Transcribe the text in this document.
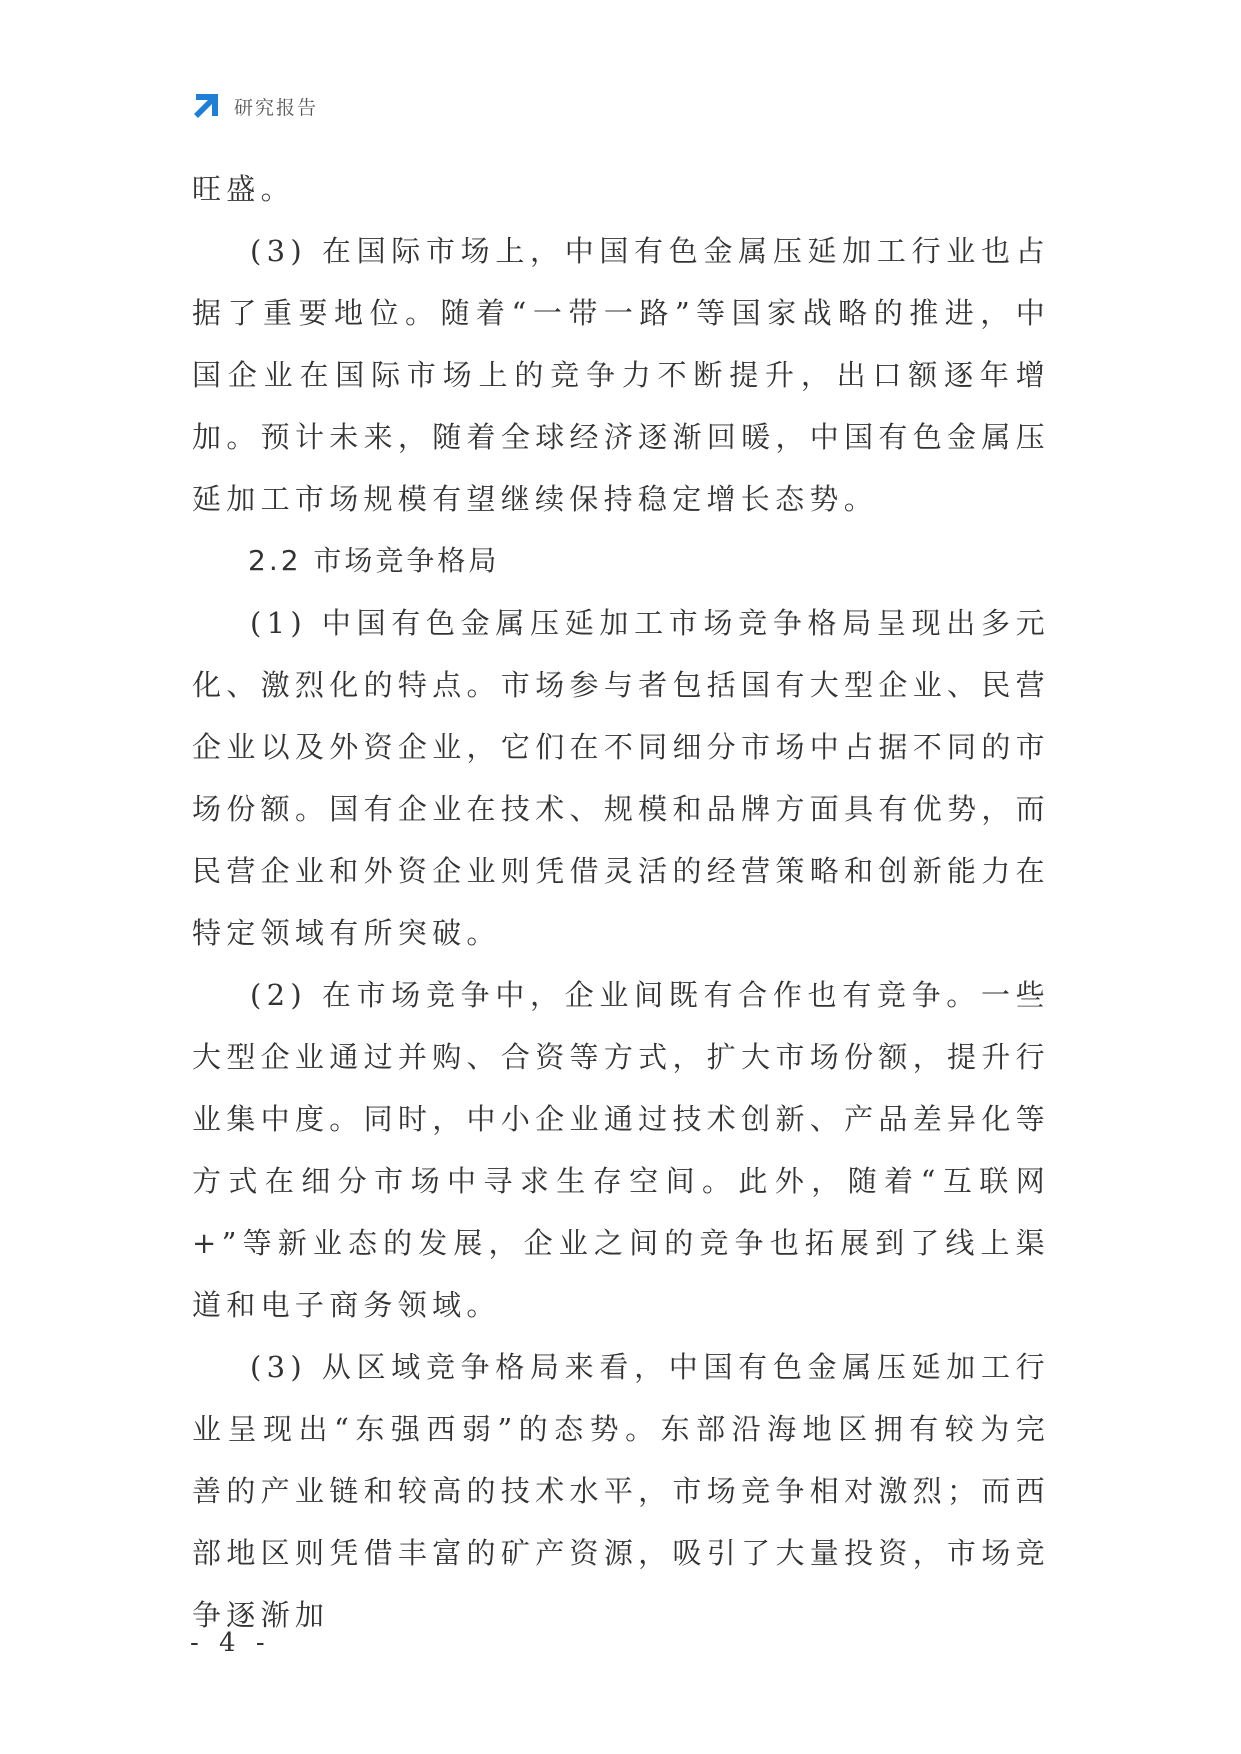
研究报告

旺盛。

(3) 在国际市场上，中国有色金属压延加工行业也占据了重要地位。随着“一带一路”等国家战略的推进，中国企业在国际市场上的竞争力不断提升，出口额逐年增加。预计未来，随着全球经济逐渐回暖，中国有色金属压延加工市场规模有望继续保持稳定增长态势。

2.2 市场竞争格局

(1) 中国有色金属压延加工市场竞争格局呈现出多元化、激烈化的特点。市场参与者包括国有大型企业、民营企业以及外资企业，它们在不同细分市场中占据不同的市场份额。国有企业在技术、规模和品牌方面具有优势，而民营企业和外资企业则凭借灵活的经营策略和创新能力在特定领域有所突破。

(2) 在市场竞争中，企业间既有合作也有竞争。一些大型企业通过并购、合资等方式，扩大市场份额，提升行业集中度。同时，中小企业通过技术创新、产品差异化等方式在细分市场中寻求生存空间。此外，随着“互联网+”等新业态的发展，企业之间的竞争也拓展到了线上渠道和电子商务领域。

(3) 从区域竞争格局来看，中国有色金属压延加工行业呈现出“东强西弱”的态势。东部沿海地区拥有较为完善的产业链和较高的技术水平，市场竞争相对激烈；而西部地区则凭借丰富的矿产资源，吸引了大量投资，市场竞争逐渐加

- 4 -
